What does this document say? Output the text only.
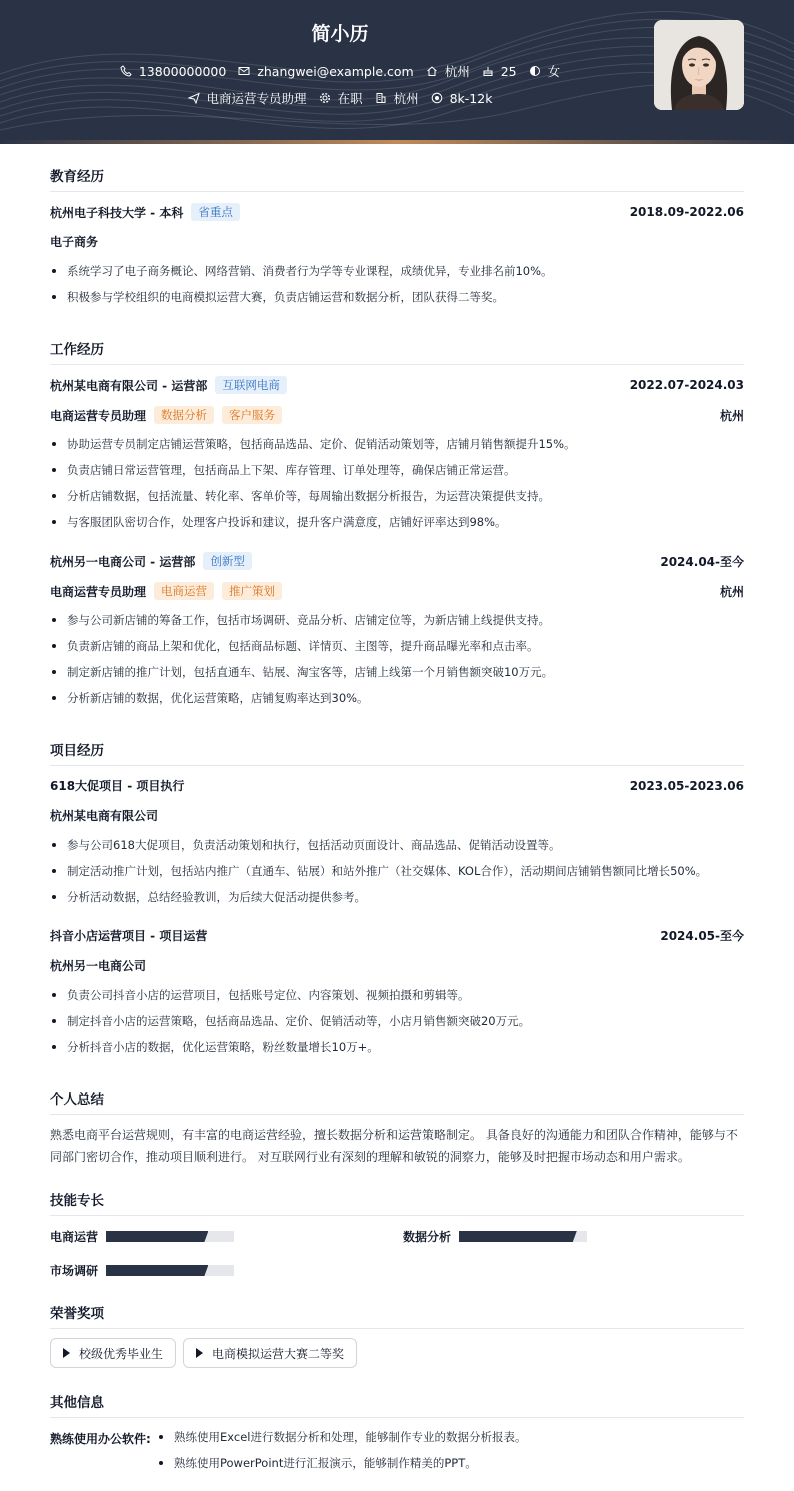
简小历
13800000000 zhangwei@example.com 杭州 25 女
电商运营专员助理 在职 杭州 8k-12k
教育经历
杭州电子科技大学 - 本科	省重点	2018.09-2022.06
电子商务
系统学习了电子商务概论、网络营销、消费者行为学等专业课程，成绩优异，专业排名前10%。
积极参与学校组织的电商模拟运营大赛，负责店铺运营和数据分析，团队获得二等奖。
工作经历
杭州某电商有限公司 - 运营部	互联网电商	2022.07-2024.03
电商运营专员助理	数据分析	客户服务	杭州
协助运营专员制定店铺运营策略，包括商品选品、定价、促销活动策划等，店铺月销售额提升15%。
负责店铺日常运营管理，包括商品上下架、库存管理、订单处理等，确保店铺正常运营。
分析店铺数据，包括流量、转化率、客单价等，每周输出数据分析报告，为运营决策提供支持。
与客服团队密切合作，处理客户投诉和建议，提升客户满意度，店铺好评率达到98%。
杭州另一电商公司 - 运营部	创新型	2024.04-至今
电商运营专员助理	电商运营	推广策划	杭州
参与公司新店铺的筹备工作，包括市场调研、竞品分析、店铺定位等，为新店铺上线提供支持。
负责新店铺的商品上架和优化，包括商品标题、详情页、主图等，提升商品曝光率和点击率。
制定新店铺的推广计划，包括直通车、钻展、淘宝客等，店铺上线第一个月销售额突破10万元。
分析新店铺的数据，优化运营策略，店铺复购率达到30%。
项目经历
618大促项目 - 项目执行	2023.05-2023.06
杭州某电商有限公司
参与公司618大促项目，负责活动策划和执行，包括活动页面设计、商品选品、促销活动设置等。
制定活动推广计划，包括站内推广（直通车、钻展）和站外推广（社交媒体、KOL合作），活动期间店铺销售额同比增长50%。
分析活动数据，总结经验教训，为后续大促活动提供参考。
抖音小店运营项目 - 项目运营	2024.05-至今
杭州另一电商公司
负责公司抖音小店的运营项目，包括账号定位、内容策划、视频拍摄和剪辑等。
制定抖音小店的运营策略，包括商品选品、定价、促销活动等，小店月销售额突破20万元。
分析抖音小店的数据，优化运营策略，粉丝数量增长10万+。
个人总结

熟悉电商平台运营规则，有丰富的电商运营经验，擅长数据分析和运营策略制定。 具备良好的沟通能力和团队合作精神，能够与不同部门密切合作，推动项目顺利进行。 对互联网行业有深刻的理解和敏锐的洞察力，能够及时把握市场动态和用户需求。

技能专长
电商运营	数据分析
市场调研
荣誉奖项
校级优秀毕业生	电商模拟运营大赛二等奖
其他信息
熟练使用办公软件:	熟练使用Excel进行数据分析和处理，能够制作专业的数据分析报表。
熟练使用PowerPoint进行汇报演示，能够制作精美的PPT。
